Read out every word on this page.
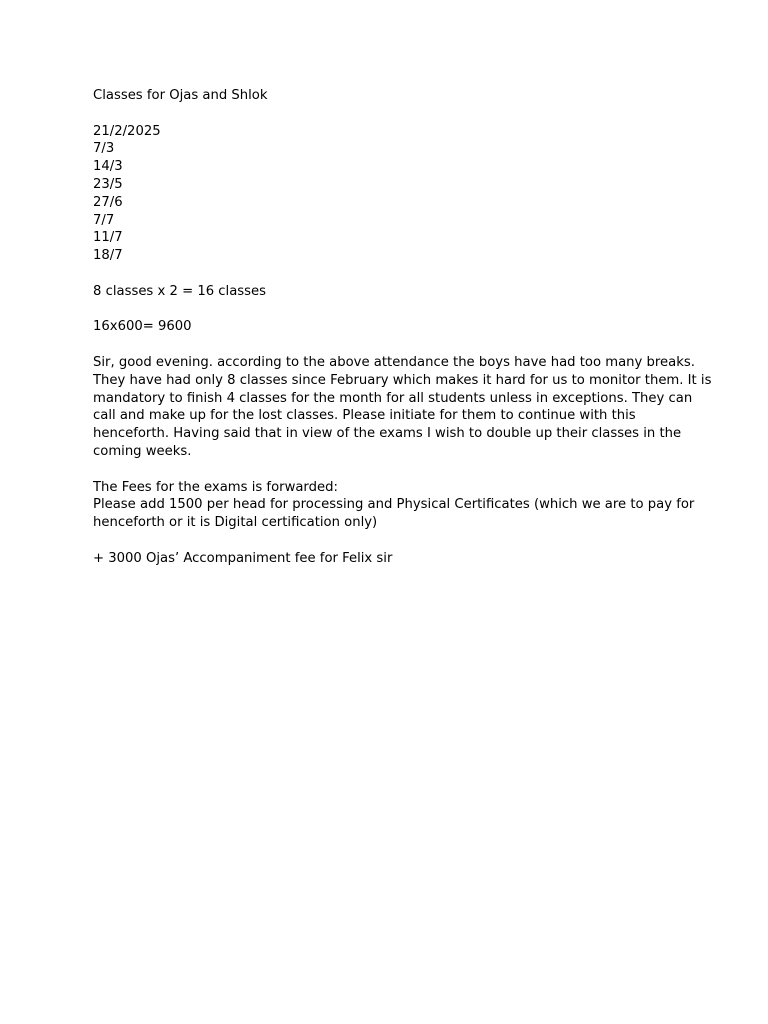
Classes for Ojas and Shlok

21/2/2025

7/3

14/3

23/5

27/6

7/7

11/7

18/7

8 classes x 2 = 16 classes

16x600= 9600

Sir, good evening. according to the above attendance the boys have had too many breaks.

They have had only 8 classes since February which makes it hard for us to monitor them. It is

mandatory to finish 4 classes for the month for all students unless in exceptions. They can

call and make up for the lost classes. Please initiate for them to continue with this

henceforth. Having said that in view of the exams I wish to double up their classes in the

coming weeks.

The Fees for the exams is forwarded:

Please add 1500 per head for processing and Physical Certificates (which we are to pay for

henceforth or it is Digital certification only)

+ 3000 Ojas’ Accompaniment fee for Felix sir
